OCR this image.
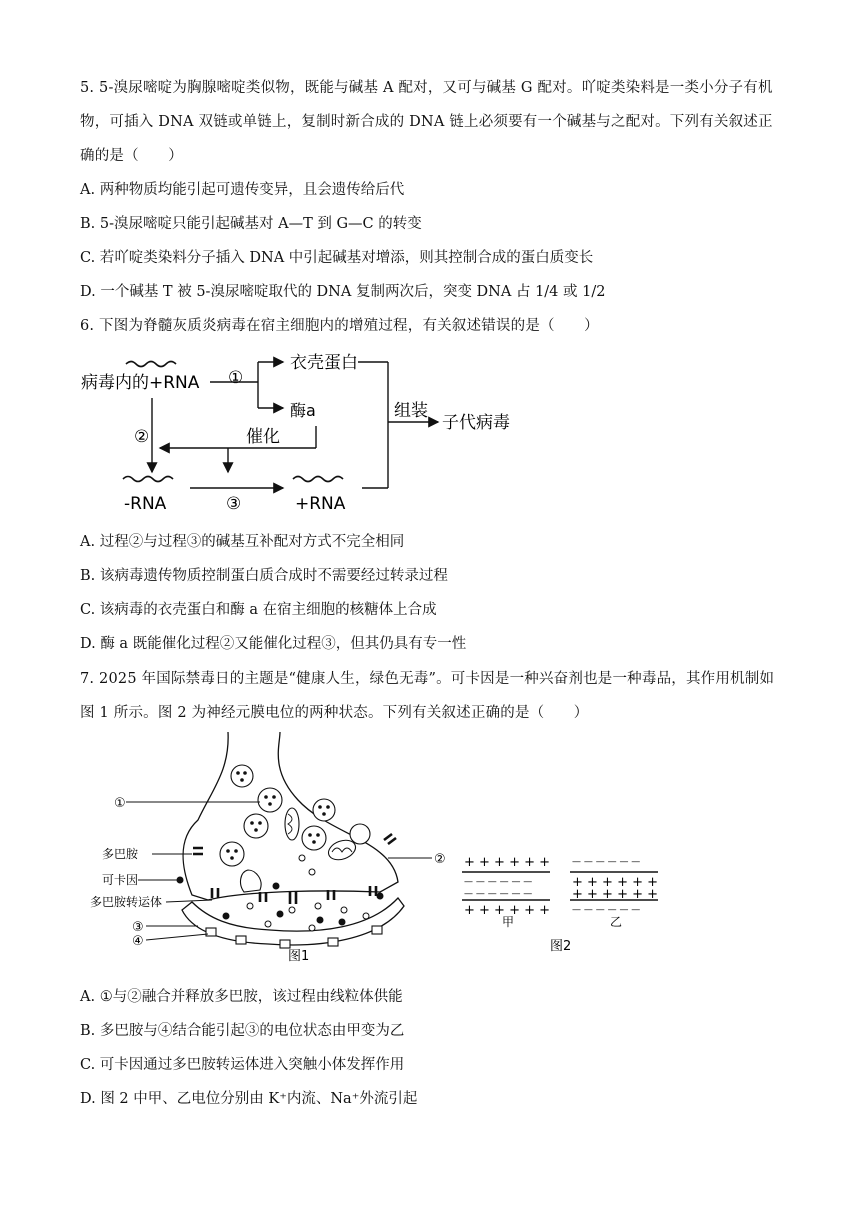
5. 5-溴尿嘧啶为胸腺嘧啶类似物，既能与碱基 A 配对，又可与碱基 G 配对。吖啶类染料是一类小分子有机
物，可插入 DNA 双链或单链上，复制时新合成的 DNA 链上必须要有一个碱基与之配对。下列有关叙述正
确的是（　　）
A. 两种物质均能引起可遗传变异，且会遗传给后代
B. 5-溴尿嘧啶只能引起碱基对 A—T 到 G—C 的转变
C. 若吖啶类染料分子插入 DNA 中引起碱基对增添，则其控制合成的蛋白质变长
D. 一个碱基 T 被 5-溴尿嘧啶取代的 DNA 复制两次后，突变 DNA 占 1/4 或 1/2
6. 下图为脊髓灰质炎病毒在宿主细胞内的增殖过程，有关叙述错误的是（　　）
病毒内的+RNA ①
衣壳蛋白
酶a
催化
②
-RNA	③	+RNA
组装
子代病毒
A. 过程②与过程③的碱基互补配对方式不完全相同
B. 该病毒遗传物质控制蛋白质合成时不需要经过转录过程
C. 该病毒的衣壳蛋白和酶 a 在宿主细胞的核糖体上合成
D. 酶 a 既能催化过程②又能催化过程③，但其仍具有专一性
7. 2025 年国际禁毒日的主题是“健康人生，绿色无毒”。可卡因是一种兴奋剂也是一种毒品，其作用机制如
图 1 所示。图 2 为神经元膜电位的两种状态。下列有关叙述正确的是（　　）
①
②
多巴胺
可卡因
多巴胺转运体
③
④
图1
+ + + + + +
— — — — — —
— — — — — —
+ + + + + +
甲
— — — — — —
+ + + + + +
+ + + + + +
— — — — — —
乙
图2
A. ①与②融合并释放多巴胺，该过程由线粒体供能
B. 多巴胺与④结合能引起③的电位状态由甲变为乙
C. 可卡因通过多巴胺转运体进入突触小体发挥作用
D. 图 2 中甲、乙电位分别由 K⁺内流、Na⁺外流引起
